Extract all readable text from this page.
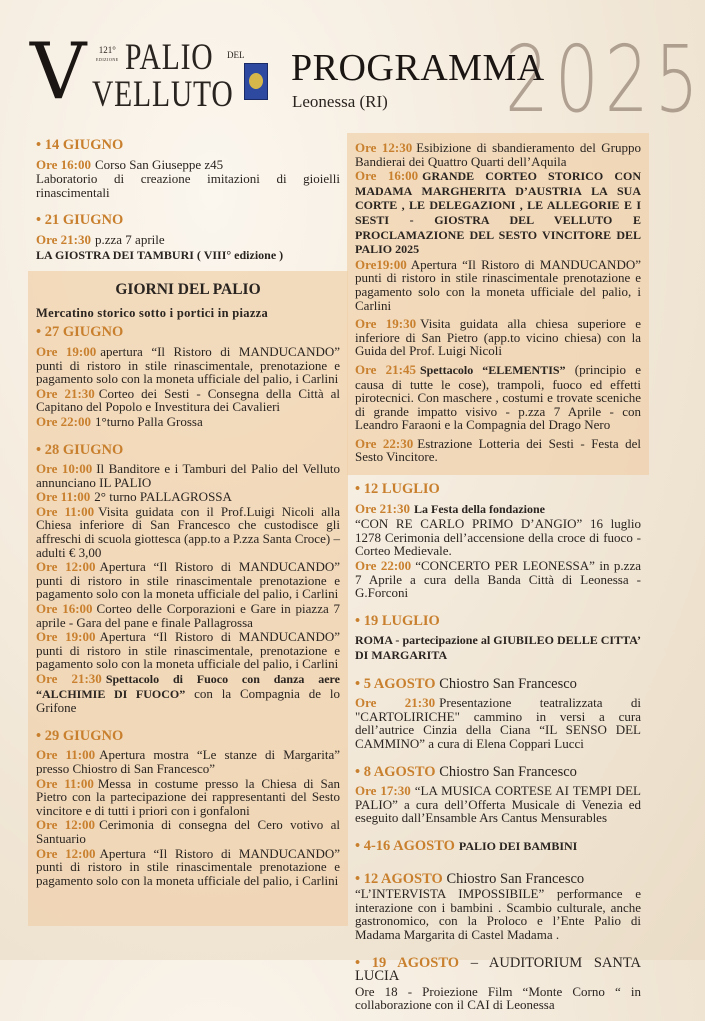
V	121°
EDIZIONE PALIO DEL
VELLUTO	2025
PROGRAMMA
Leonessa (RI)
• 14 GIUGNO

Ore 16:00 Corso San Giuseppe z45

Laboratorio di creazione imitazioni di gioielli rinascimentali

• 21 GIUGNO

Ore 21:30 p.zza 7 aprile

LA GIOSTRA DEI TAMBURI ( VIII° edizione )

GIORNI DEL PALIO
Mercatino storico sotto i portici in piazza
• 27 GIUGNO

Ore 19:00 apertura “Il Ristoro di MANDUCANDO” punti di ristoro in stile rinascimentale, prenotazione e pagamento solo con la moneta ufficiale del palio, i Carlini

Ore 21:30 Corteo dei Sesti - Consegna della Città al Capitano del Popolo e Investitura dei Cavalieri

Ore 22:00 1°turno Palla Grossa

• 28 GIUGNO

Ore 10:00 Il Banditore e i Tamburi del Palio del Velluto annunciano IL PALIO

Ore 11:00 2° turno PALLAGROSSA

Ore 11:00 Visita guidata con il Prof.Luigi Nicoli alla Chiesa inferiore di San Francesco che custodisce gli affreschi di scuola giottesca (app.to a P.zza Santa Croce) – adulti € 3,00

Ore 12:00 Apertura “Il Ristoro di MANDUCANDO” punti di ristoro in stile rinascimentale prenotazione e pagamento solo con la moneta ufficiale del palio, i Carlini

Ore 16:00 Corteo delle Corporazioni e Gare in piazza 7 aprile - Gara del pane e finale Pallagrossa

Ore 19:00 Apertura “Il Ristoro di MANDUCANDO” punti di ristoro in stile rinascimentale, prenotazione e pagamento solo con la moneta ufficiale del palio, i Carlini

Ore 21:30 Spettacolo di Fuoco con danza aere “ALCHIMIE DI FUOCO” con la Compagnia de lo Grifone

• 29 GIUGNO

Ore 11:00 Apertura mostra “Le stanze di Margarita” presso Chiostro di San Francesco”

Ore 11:00 Messa in costume presso la Chiesa di San Pietro con la partecipazione dei rappresentanti del Sesto vincitore e di tutti i priori con i gonfaloni

Ore 12:00 Cerimonia di consegna del Cero votivo al Santuario

Ore 12:00 Apertura “Il Ristoro di MANDUCANDO” punti di ristoro in stile rinascimentale prenotazione e pagamento solo con la moneta ufficiale del palio, i Carlini

Ore 12:30 Esibizione di sbandieramento del Gruppo Bandierai dei Quattro Quarti dell’Aquila

Ore 16:00 GRANDE CORTEO STORICO CON MADAMA MARGHERITA D’AUSTRIA LA SUA CORTE , LE DELEGAZIONI , LE ALLEGORIE E I SESTI - GIOSTRA DEL VELLUTO E PROCLAMAZIONE DEL SESTO VINCITORE DEL PALIO 2025

Ore19:00 Apertura “Il Ristoro di MANDUCANDO” punti di ristoro in stile rinascimentale prenotazione e pagamento solo con la moneta ufficiale del palio, i Carlini

Ore 19:30 Visita guidata alla chiesa superiore e inferiore di San Pietro (app.to vicino chiesa) con la Guida del Prof. Luigi Nicoli

Ore 21:45 Spettacolo “ELEMENTIS” (principio e causa di tutte le cose), trampoli, fuoco ed effetti pirotecnici. Con maschere , costumi e trovate sceniche di grande impatto visivo - p.zza 7 Aprile - con Leandro Faraoni e la Compagnia del Drago Nero

Ore 22:30 Estrazione Lotteria dei Sesti - Festa del Sesto Vincitore.

• 12 LUGLIO

Ore 21:30 La Festa della fondazione

“CON RE CARLO PRIMO D’ANGIO” 16 luglio 1278 Cerimonia dell’accensione della croce di fuoco - Corteo Medievale.

Ore 22:00 “CONCERTO PER LEONESSA” in p.zza 7 Aprile a cura della Banda Città di Leonessa - G.Forconi

• 19 LUGLIO

ROMA - partecipazione al GIUBILEO DELLE CITTA’ DI MARGARITA

• 5 AGOSTO Chiostro San Francesco

Ore 21:30 Presentazione teatralizzata di "CARTOLIRICHE" cammino in versi a cura dell’autrice Cinzia della Ciana “IL SENSO DEL CAMMINO” a cura di Elena Coppari Lucci

• 8 AGOSTO Chiostro San Francesco

Ore 17:30 “LA MUSICA CORTESE AI TEMPI DEL PALIO” a cura dell’Offerta Musicale di Venezia ed eseguito dall’Ensamble Ars Cantus Mensurables

• 4-16 AGOSTO PALIO DEI BAMBINI
• 12 AGOSTO Chiostro San Francesco

“L’INTERVISTA IMPOSSIBILE” performance e interazione con i bambini . Scambio culturale, anche gastronomico, con la Proloco e l’Ente Palio di Madama Margarita di Castel Madama .

• 19 AGOSTO – AUDITORIUM SANTA LUCIA

Ore 18 - Proiezione Film “Monte Corno “ in collaborazione con il CAI di Leonessa
